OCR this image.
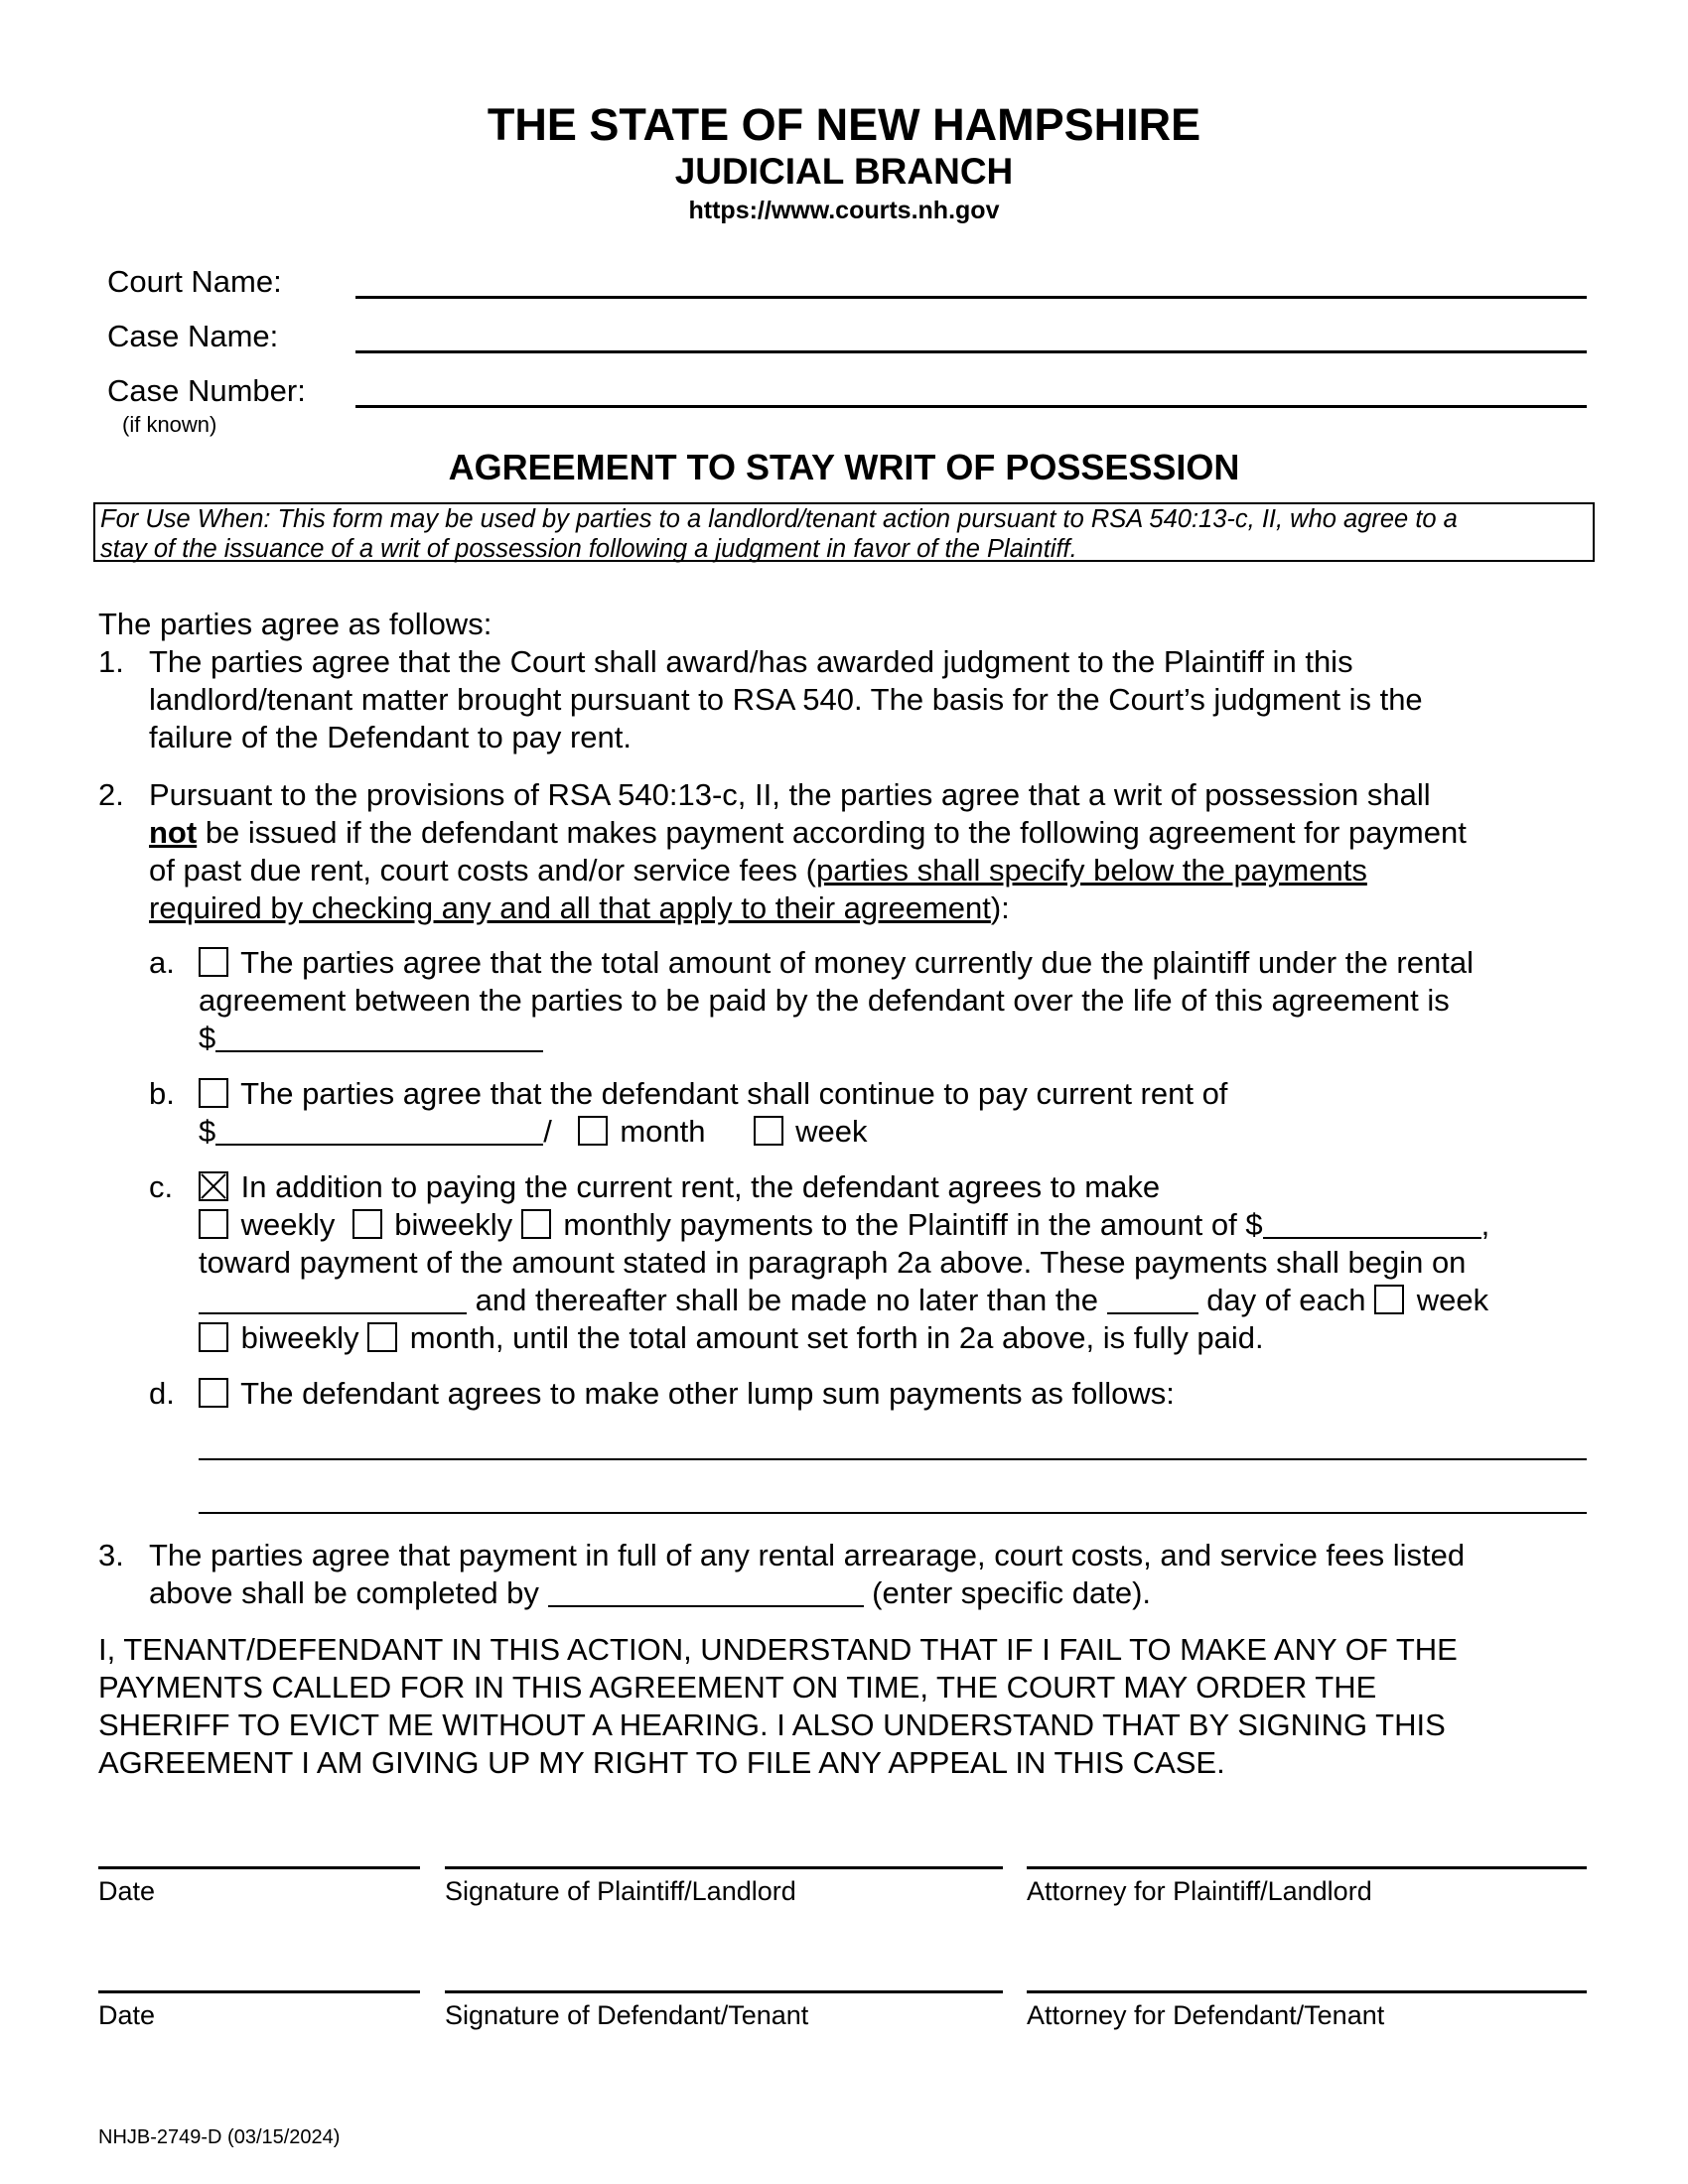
THE STATE OF NEW HAMPSHIRE
JUDICIAL BRANCH
https://www.courts.nh.gov
Court Name:
Case Name:
Case Number:
(if known)
AGREEMENT TO STAY WRIT OF POSSESSION
For Use When: This form may be used by parties to a landlord/tenant action pursuant to RSA 540:13-c, II, who agree to a
stay of the issuance of a writ of possession following a judgment in favor of the Plaintiff.
The parties agree as follows:
1. The parties agree that the Court shall award/has awarded judgment to the Plaintiff in this
landlord/tenant matter brought pursuant to RSA 540. The basis for the Court’s judgment is the
failure of the Defendant to pay rent.
2. Pursuant to the provisions of RSA 540:13-c, II, the parties agree that a writ of possession shall
not be issued if the defendant makes payment according to the following agreement for payment
of past due rent, court costs and/or service fees (parties shall specify below the payments
required by checking any and all that apply to their agreement):
a.	The parties agree that the total amount of money currently due the plaintiff under the rental
agreement between the parties to be paid by the defendant over the life of this agreement is
$
b.	The parties agree that the defendant shall continue to pay current rent of
$	/ month	week
c.	In addition to paying the current rent, the defendant agrees to make
weekly biweekly monthly payments to the Plaintiff in the amount of $	,
toward payment of the amount stated in paragraph 2a above. These payments shall begin on
and thereafter shall be made no later than the	day of each week
biweekly month, until the total amount set forth in 2a above, is fully paid.
d.	The defendant agrees to make other lump sum payments as follows:
3. The parties agree that payment in full of any rental arrearage, court costs, and service fees listed
above shall be completed by	(enter specific date).
I, TENANT/DEFENDANT IN THIS ACTION, UNDERSTAND THAT IF I FAIL TO MAKE ANY OF THE
PAYMENTS CALLED FOR IN THIS AGREEMENT ON TIME, THE COURT MAY ORDER THE
SHERIFF TO EVICT ME WITHOUT A HEARING. I ALSO UNDERSTAND THAT BY SIGNING THIS
AGREEMENT I AM GIVING UP MY RIGHT TO FILE ANY APPEAL IN THIS CASE.
Date	Signature of Plaintiff/Landlord	Attorney for Plaintiff/Landlord
Date	Signature of Defendant/Tenant	Attorney for Defendant/Tenant
NHJB-2749-D (03/15/2024)
